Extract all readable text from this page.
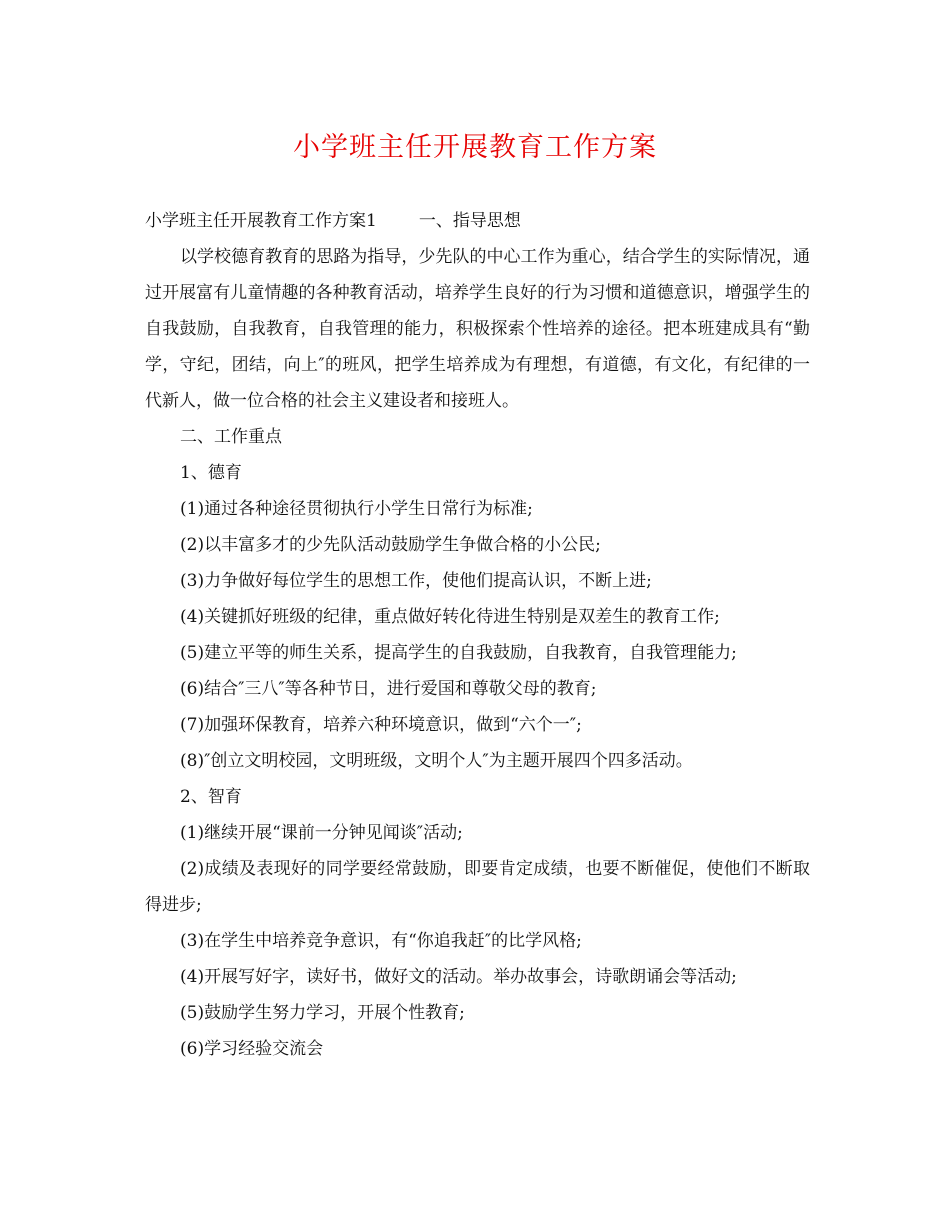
小学班主任开展教育工作方案

小学班主任开展教育工作方案1 一、指导思想

以学校德育教育的思路为指导，少先队的中心工作为重心，结合学生的实际情况，通过开展富有儿童情趣的各种教育活动，培养学生良好的行为习惯和道德意识，增强学生的自我鼓励，自我教育，自我管理的能力，积极探索个性培养的途径。把本班建成具有“勤学，守纪，团结，向上″的班风，把学生培养成为有理想，有道德，有文化，有纪律的一代新人，做一位合格的社会主义建设者和接班人。

二、工作重点

1、德育

(1)通过各种途径贯彻执行小学生日常行为标准;

(2)以丰富多才的少先队活动鼓励学生争做合格的小公民;

(3)力争做好每位学生的思想工作，使他们提高认识，不断上进;

(4)关键抓好班级的纪律，重点做好转化待进生特别是双差生的教育工作;

(5)建立平等的师生关系，提高学生的自我鼓励，自我教育，自我管理能力;

(6)结合″三八″等各种节日，进行爱国和尊敬父母的教育;

(7)加强环保教育，培养六种环境意识，做到“六个一″;

(8)″创立文明校园，文明班级，文明个人″为主题开展四个四多活动。

2、智育

(1)继续开展“课前一分钟见闻谈″活动;

(2)成绩及表现好的同学要经常鼓励，即要肯定成绩，也要不断催促，使他们不断取得进步;

(3)在学生中培养竞争意识，有“你追我赶″的比学风格;

(4)开展写好字，读好书，做好文的活动。举办故事会，诗歌朗诵会等活动;

(5)鼓励学生努力学习，开展个性教育;

(6)学习经验交流会
